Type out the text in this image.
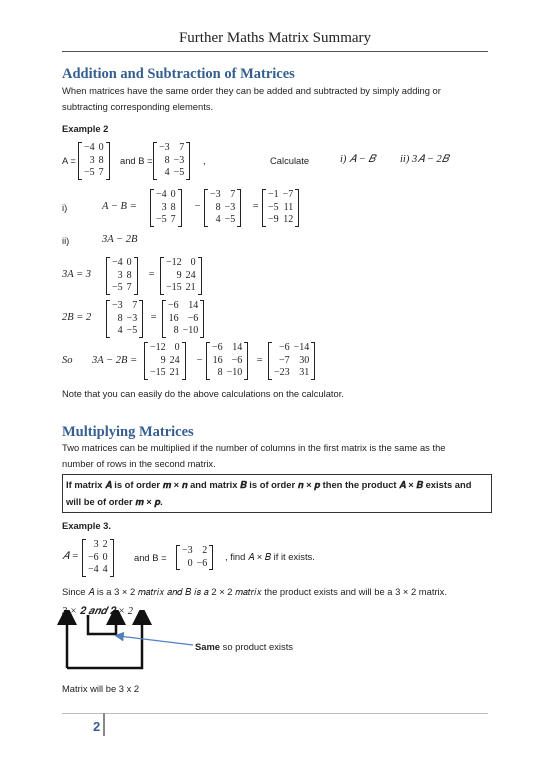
Further Maths Matrix Summary
Addition and Subtraction of Matrices
When matrices have the same order they can be added and subtracted by simply adding or
subtracting corresponding elements.
Example 2
A =
−4	0
3	8
−5	7
and B =
−3	7
8	−3
4	−5
,	Calculate	i) 𝐴 − 𝐵 ii) 3𝐴 − 2𝐵
i)	A − B =
−4	0
3	8
−5	7
−
−3	7
8	−3
4	−5
=
−1	−7
−5	11
−9	12
ii)	3A − 2B
3A = 3
−4	0
3	8
−5	7
=
−12	0
9	24
−15	21
2B = 2
−3	7
8	−3
4	−5
=
−6	14
16	−6
8	−10
So 3A − 2B =
−12	0
9	24
−15	21
−
−6	14
16	−6
8	−10
=
−6	−14
−7	30
−23	31
Note that you can easily do the above calculations on the calculator.
Multiplying Matrices
Two matrices can be multiplied if the number of columns in the first matrix is the same as the
number of rows in the second matrix.
If matrix 𝑨 is of order 𝒎 × 𝒏 and matrix 𝑩 is of order 𝒏 × 𝒑 then the product 𝑨 × 𝑩 exists and
will be of order 𝒎 × 𝒑.
Example 3.
𝐴 =
3	2
−6	0
−4	4
and B =
−3	2
0	−6
, find 𝐴 × 𝐵 if it exists.
Since 𝐴 is a 3 × 2 𝑚𝑎𝑡𝑟𝑖𝑥 𝑎𝑛𝑑 𝐵 𝑖𝑠 𝑎 2 × 2 𝑚𝑎𝑡𝑟𝑖𝑥 the product exists and will be a 3 × 2 matrix.
3 × 𝟐 𝒂𝒏𝒅 𝟐 × 2
Same so product exists
Matrix will be 3 x 2
2
